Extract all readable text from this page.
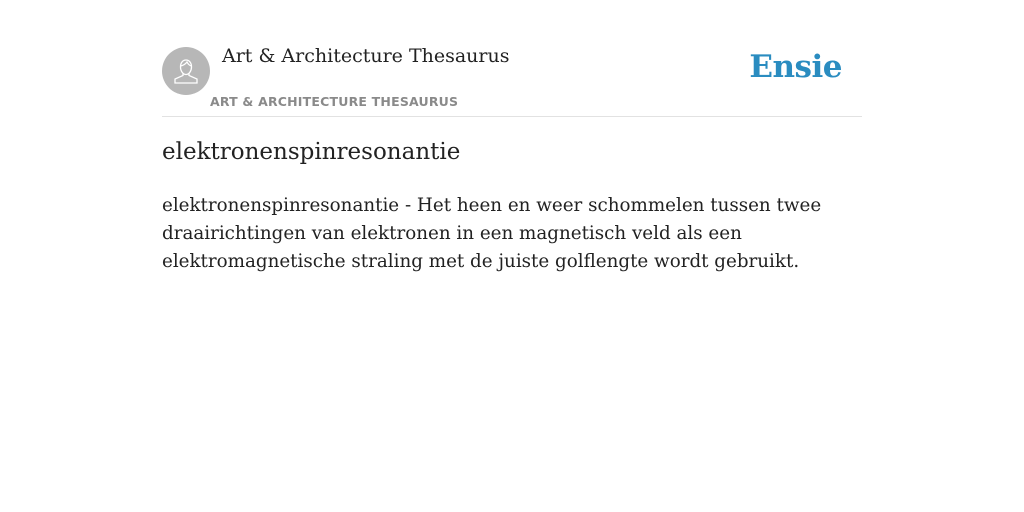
Art & Architecture Thesaurus
ART & ARCHITECTURE THESAURUS
Ensie
elektronenspinresonantie

elektronenspinresonantie - Het heen en weer schommelen tussen twee draairichtingen van elektronen in een magnetisch veld als een elektromagnetische straling met de juiste golflengte wordt gebruikt.
